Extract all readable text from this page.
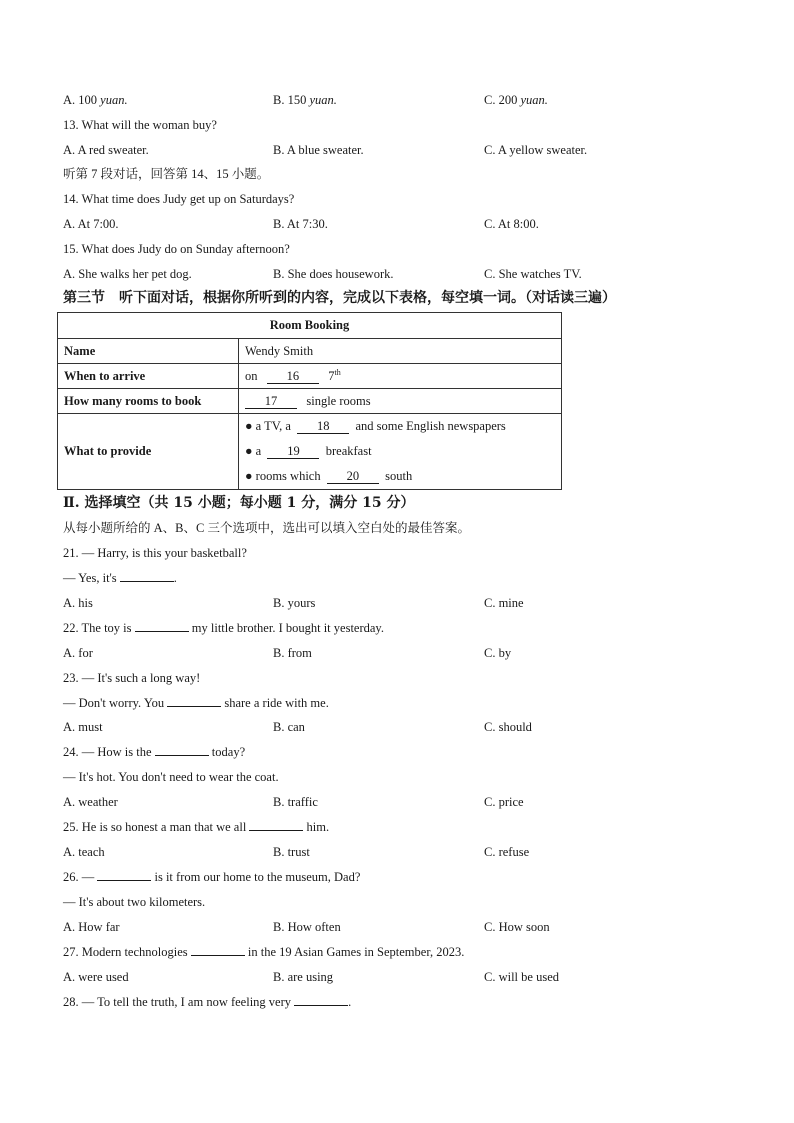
A. 100 yuan.	B. 150 yuan.	C. 200 yuan.
13. What will the woman buy?
A. A red sweater.	B. A blue sweater.	C. A yellow sweater.
听第 7 段对话，回答第 14、15 小题。
14. What time does Judy get up on Saturdays?
A. At 7:00.	B. At 7:30.	C. At 8:00.
15. What does Judy do on Sunday afternoon?
A. She walks her pet dog.	B. She does housework.	C. She watches TV.
第三节　听下面对话，根据你所听到的内容，完成以下表格，每空填一词。（对话读三遍）
Room Booking	
Name	Wendy Smith
When to arrive	on 16 7th
How many rooms to book	17 single rooms
What to provide	● a TV, a 18 and some English newspapers
● a 19 breakfast
● rooms which 20 south
Ⅱ. 选择填空（共 15 小题；每小题 1 分，满分 15 分）
从每小题所给的 A、B、C 三个选项中，选出可以填入空白处的最佳答案。
21. — Harry, is this your basketball?
— Yes, it's	.
A. his	B. yours	C. mine
22. The toy is	my little brother. I bought it yesterday.
A. for	B. from	C. by
23. — It's such a long way!
— Don't worry. You	share a ride with me.
A. must	B. can	C. should
24. — How is the	today?
— It's hot. You don't need to wear the coat.
A. weather	B. traffic	C. price
25. He is so honest a man that we all	him.
A. teach	B. trust	C. refuse
26. —	is it from our home to the museum, Dad?
— It's about two kilometers.
A. How far	B. How often	C. How soon
27. Modern technologies	in the 19 Asian Games in September, 2023.
A. were used	B. are using	C. will be used
28. — To tell the truth, I am now feeling very	.
